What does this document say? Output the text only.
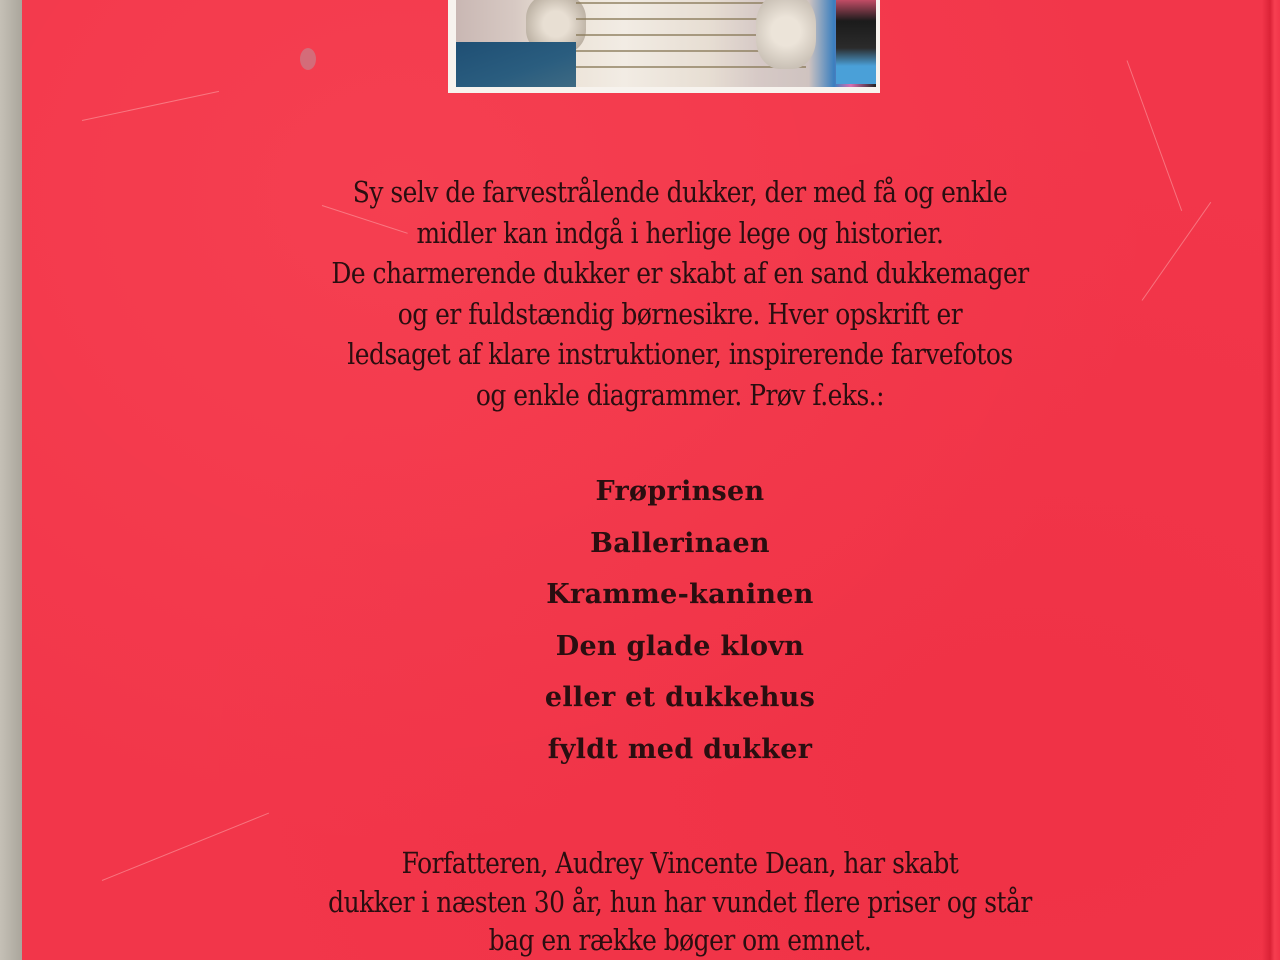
Sy selv de farvestrålende dukker, der med få og enkle
midler kan indgå i herlige lege og historier.
De charmerende dukker er skabt af en sand dukkemager
og er fuldstændig børnesikre. Hver opskrift er
ledsaget af klare instruktioner, inspirerende farvefotos
og enkle diagrammer. Prøv f.eks.:
Frøprinsen
Ballerinaen
Kramme-kaninen
Den glade klovn
eller et dukkehus
fyldt med dukker
Forfatteren, Audrey Vincente Dean, har skabt
dukker i næsten 30 år, hun har vundet flere priser og står
bag en række bøger om emnet.
